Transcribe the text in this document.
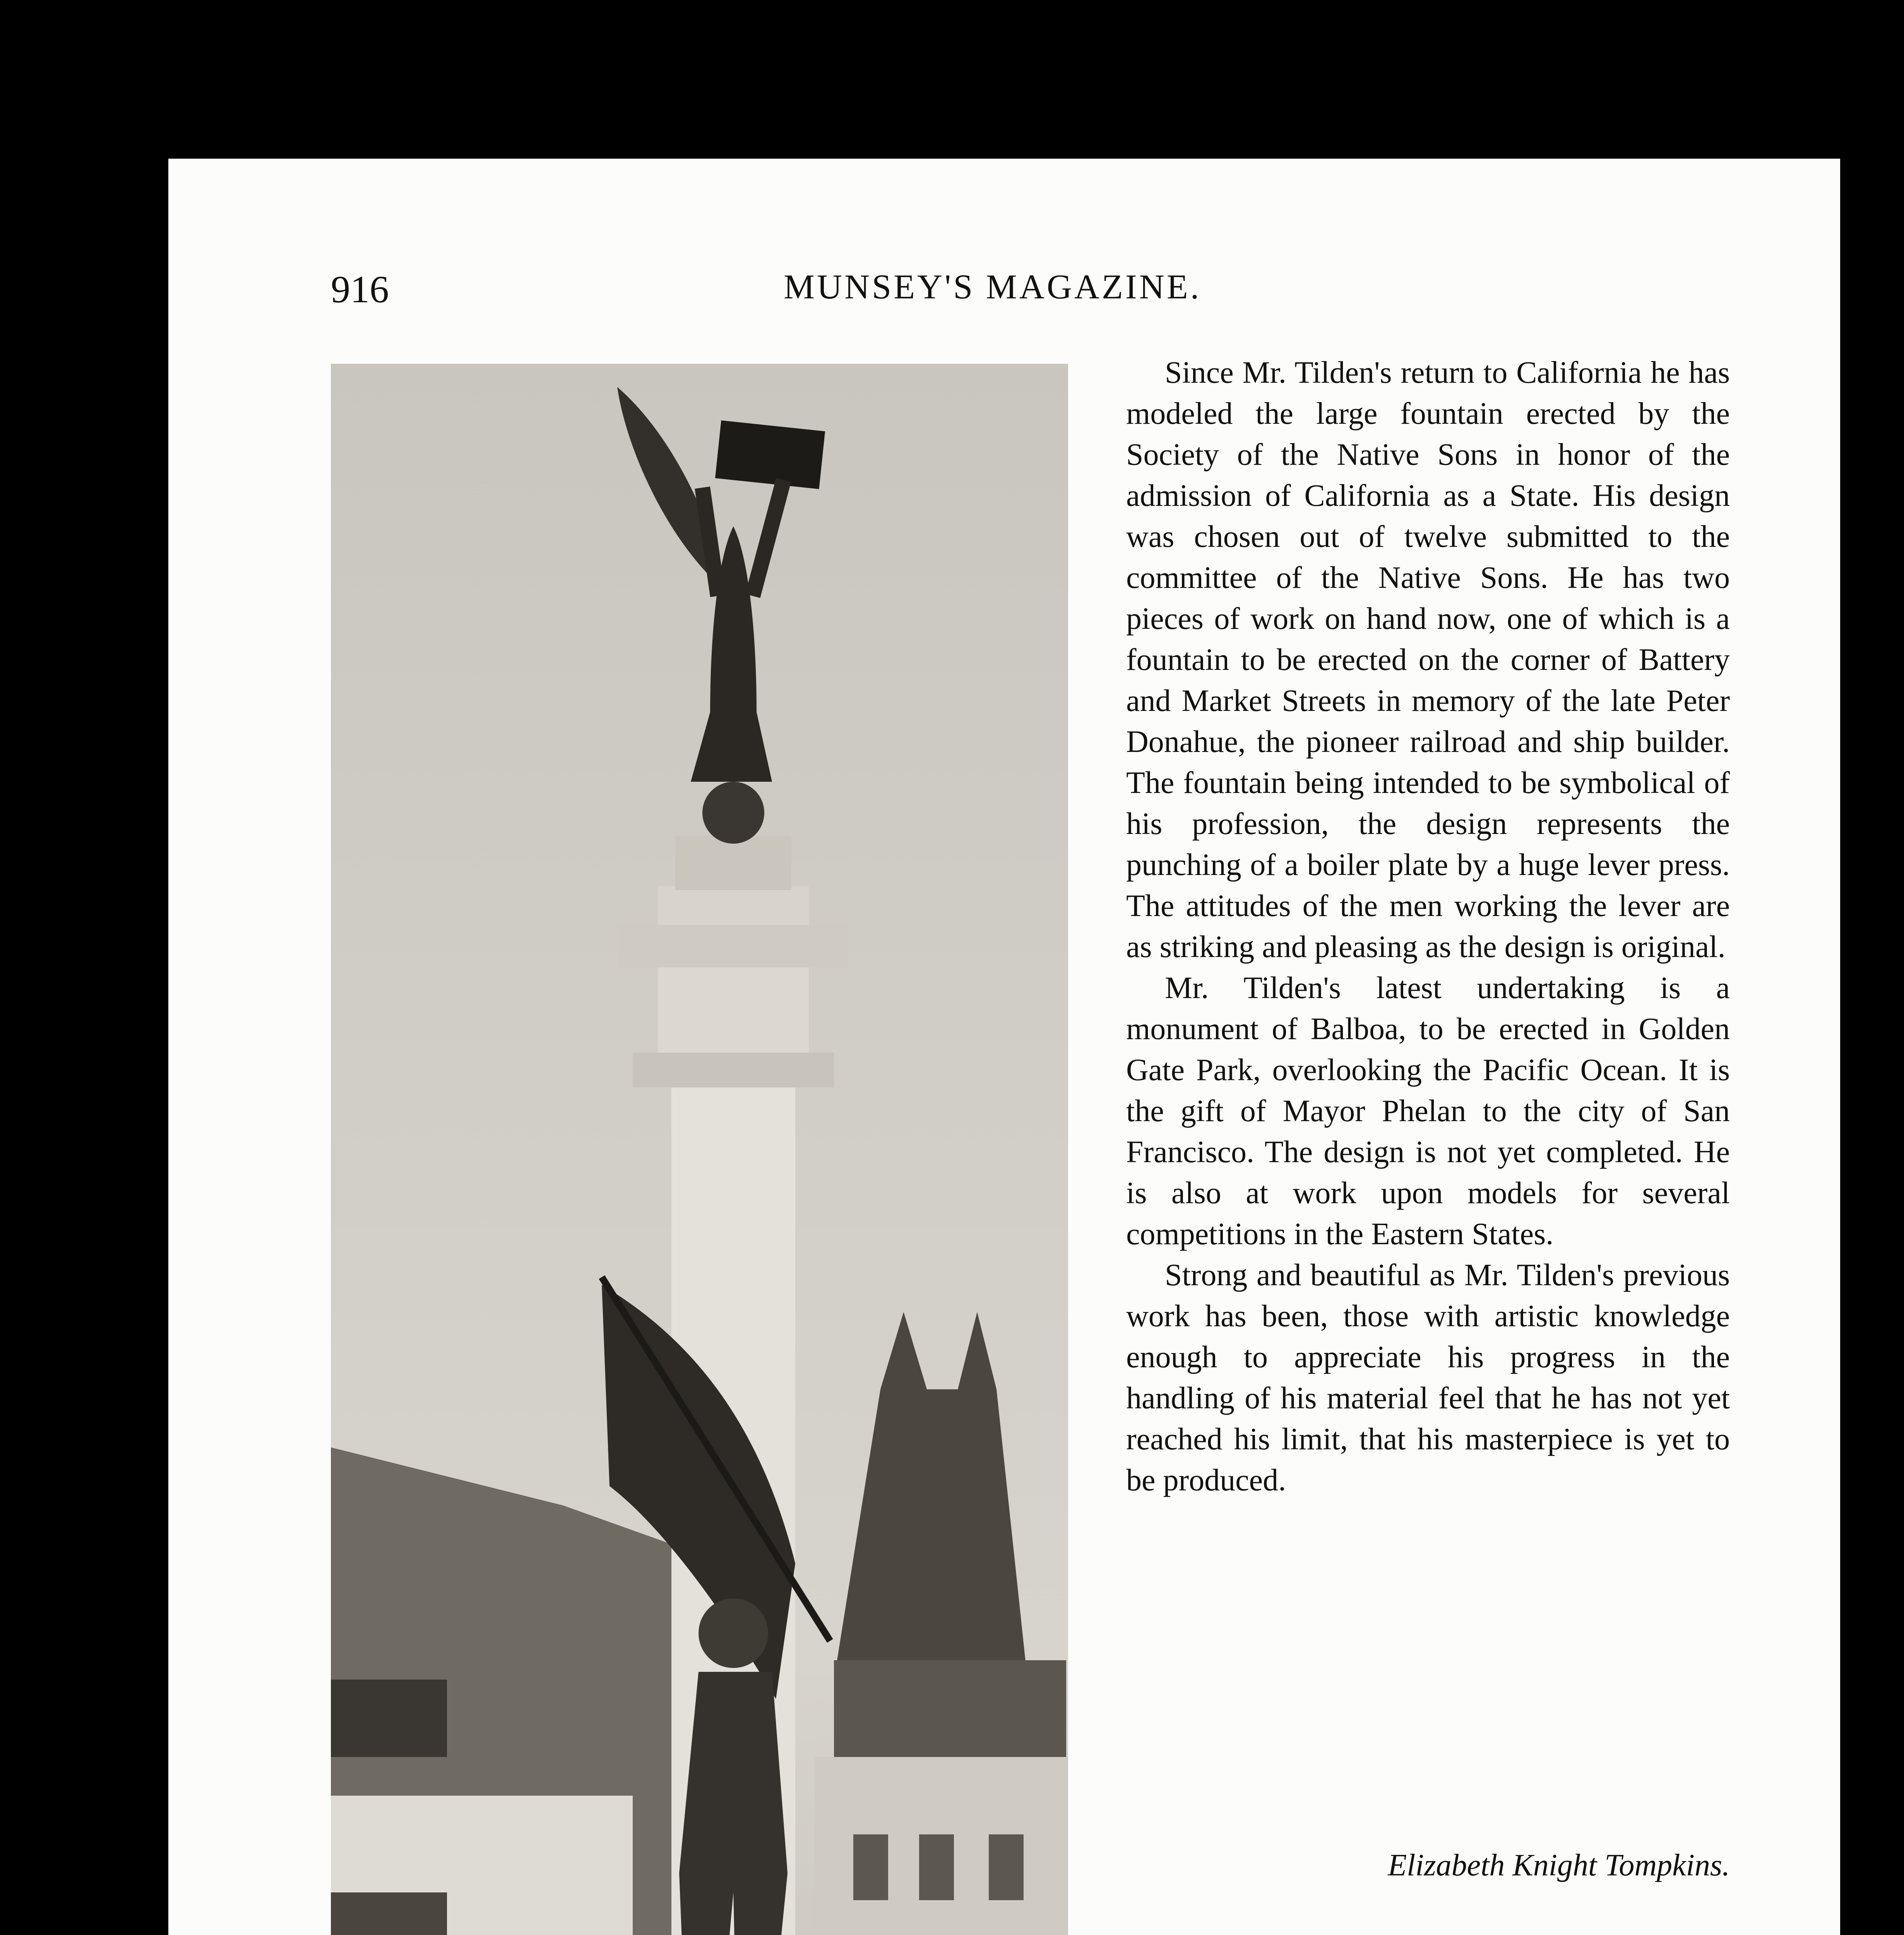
916	MUNSEY'S MAGAZINE.

Since Mr. Tilden's return to California he has modeled the large fountain erected by the Society of the Native Sons in honor of the admission of California as a State. His design was chosen out of twelve submitted to the committee of the Native Sons. He has two pieces of work on hand now, one of which is a fountain to be erected on the corner of Battery and Market Streets in memory of the late Peter Donahue, the pioneer railroad and ship builder. The fountain being intended to be symbolical of his profession, the design represents the punching of a boiler plate by a huge lever press. The attitudes of the men working the lever are as striking and pleasing as the design is original.

Mr. Tilden's latest undertaking is a monument of Balboa, to be erected in Golden Gate Park, overlooking the Pacific Ocean. It is the gift of Mayor Phelan to the city of San Francisco. The design is not yet completed. He is also at work upon models for several competitions in the Eastern States.

Strong and beautiful as Mr. Tilden's previous work has been, those with artistic knowledge enough to appreciate his progress in the handling of his material feel that he has not yet reached his limit, that his masterpiece is yet to be produced.

Elizabeth Knight Tompkins.
